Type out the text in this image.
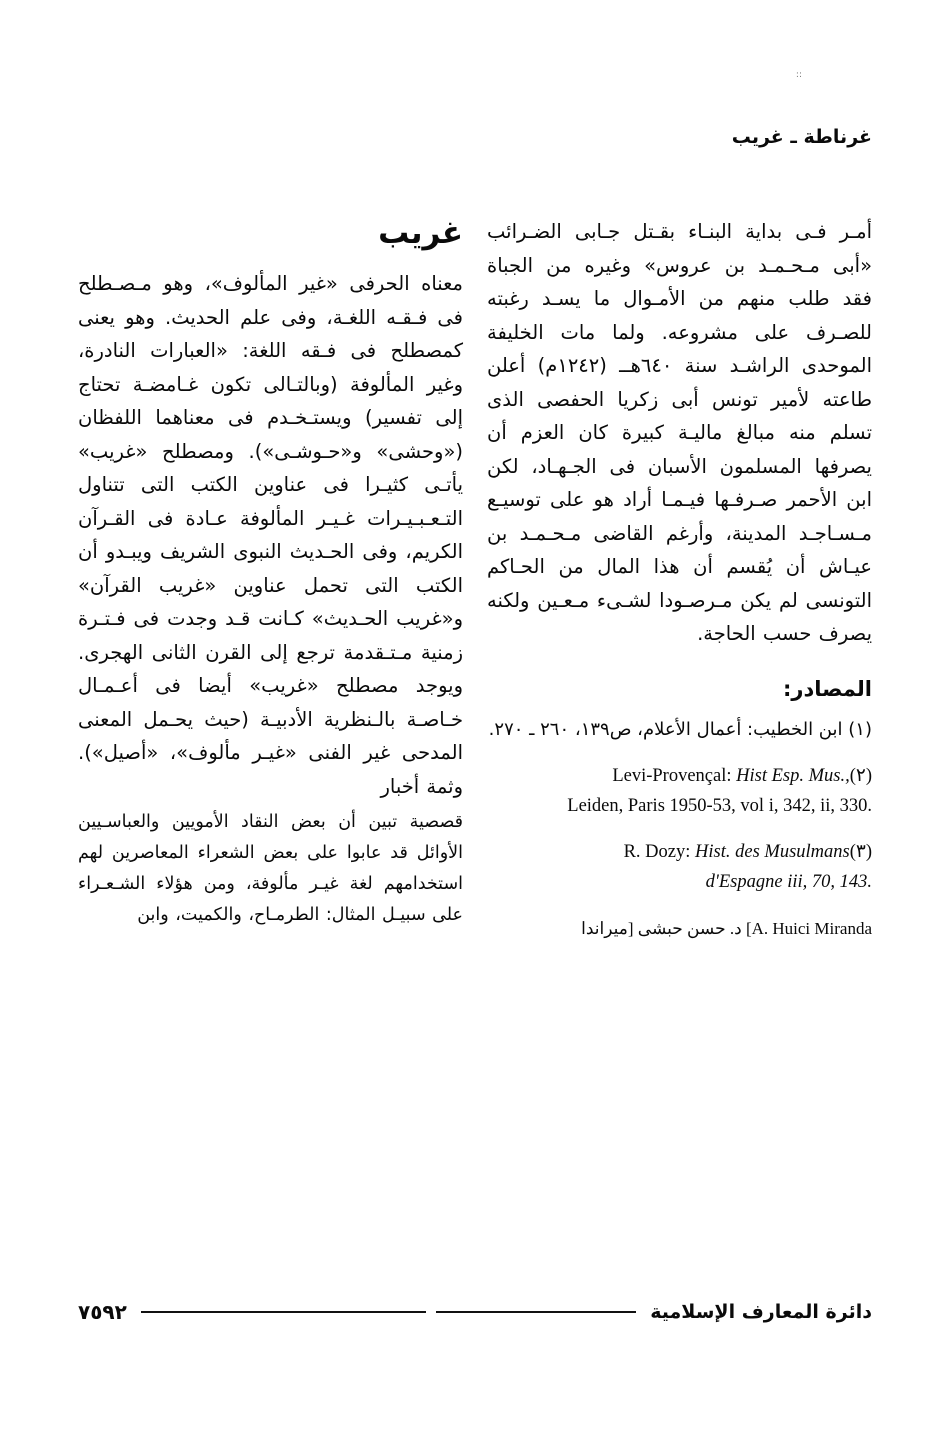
::
غرناطة ـ غريب

أمـر فـى بداية البنـاء بقـتل جـابى الضـرائب «أبى مـحـمـد بن عروس» وغيره من الجباة فقد طلب منهم من الأمـوال ما يسـد رغبته للصـرف على مشروعه. ولما مات الخليفة الموحدى الراشـد سنة ٦٤٠هــ (١٢٤٢م) أعلن طاعته لأمير تونس أبى زكريا الحفصى الذى تسلم منه مبالغ ماليـة كبيرة كان العزم أن يصرفها المسلمون الأسبان فى الجـهـاد، لكن ابن الأحمر صـرفـها فيـمـا أراد هو على توسيـع مـسـاجـد المدينة، وأرغم القاضى مـحـمـد بن عيـاش أن يُقسم أن هذا المال من الحـاكم التونسى لم يكن مـرصـودا لشـىء مـعـين ولكنه يصرف حسب الحاجة.

المصادر:

(١) ابن الخطيب: أعمال الأعلام، ص١٣٩، ٢٦٠ ـ ٢٧٠.

(٢)
Levi-Provençal: Hist Esp. Mus.,
Leiden, Paris 1950-53, vol i, 342, ii, 330.

(٣)
R. Dozy: Hist. des Musulmans
d'Espagne iii, 70, 143.

[A. Huici Miranda د. حسن حبشى [ميراندا

غريب

معناه الحرفى «غير المألوف»، وهو مـصـطلح فى فـقـه اللغـة، وفى علم الحديث. وهو يعنى كمصطلح فى فـقه اللغة: «العبارات النادرة، وغير المألوفة (وبالتـالى تكون غـامضـة تحتاج إلى تفسير) ويستـخـدم فى معناهما اللفظان («وحشى» و«حـوشـى»). ومصطلح «غريب» يأتـى كثيـرا فى عناوين الكتب التى تتناول التـعـبـيـرات غـيـر المألوفة عـادة فى القـرآن الكريم، وفى الحـديث النبوى الشريف ويبـدو أن الكتب التى تحمل عناوين «غريب القرآن» و«غريب الحـديث» كـانت قـد وجدت فى فـتـرة زمنية مـتـقدمة ترجع إلى القرن الثانى الهجرى. ويوجد مصطلح «غريب» أيضا فى أعـمـال خـاصـة بالـنظرية الأدبيـة (حيث يحـمل المعنى المدحى غير الفنى «غيـر مألوف»، «أصيل»). وثمة أخبار

قصصية تبين أن بعض النقاد الأمويين والعباسـيين الأوائل قد عابوا على بعض الشعراء المعاصرين لهم استخدامهم لغة غيـر مألوفة، ومن هؤلاء الشـعـراء على سبيـل المثال: الطرمـاح، والكميت، وابن

دائرة المعارف الإسلامية
٧٥٩٢
